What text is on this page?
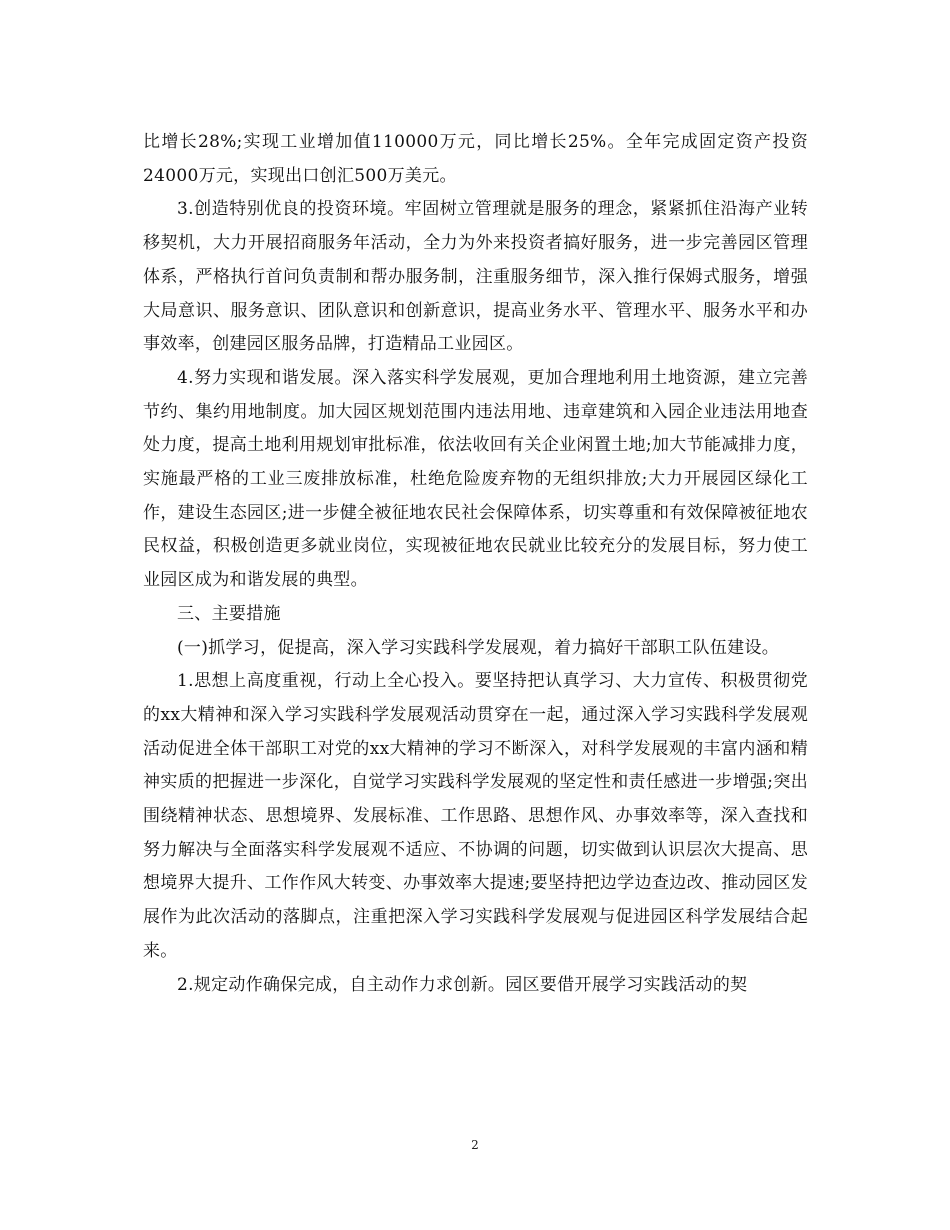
比增长28%;实现工业增加值110000万元，同比增长25%。全年完成固定资产投资24000万元，实现出口创汇500万美元。

3.创造特别优良的投资环境。牢固树立管理就是服务的理念，紧紧抓住沿海产业转移契机，大力开展招商服务年活动，全力为外来投资者搞好服务，进一步完善园区管理体系，严格执行首问负责制和帮办服务制，注重服务细节，深入推行保姆式服务，增强大局意识、服务意识、团队意识和创新意识，提高业务水平、管理水平、服务水平和办事效率，创建园区服务品牌，打造精品工业园区。

4.努力实现和谐发展。深入落实科学发展观，更加合理地利用土地资源，建立完善节约、集约用地制度。加大园区规划范围内违法用地、违章建筑和入园企业违法用地查处力度，提高土地利用规划审批标准，依法收回有关企业闲置土地;加大节能减排力度，实施最严格的工业三废排放标准，杜绝危险废弃物的无组织排放;大力开展园区绿化工作，建设生态园区;进一步健全被征地农民社会保障体系，切实尊重和有效保障被征地农民权益，积极创造更多就业岗位，实现被征地农民就业比较充分的发展目标，努力使工业园区成为和谐发展的典型。

三、主要措施

(一)抓学习，促提高，深入学习实践科学发展观，着力搞好干部职工队伍建设。

1.思想上高度重视，行动上全心投入。要坚持把认真学习、大力宣传、积极贯彻党的xx大精神和深入学习实践科学发展观活动贯穿在一起，通过深入学习实践科学发展观活动促进全体干部职工对党的xx大精神的学习不断深入，对科学发展观的丰富内涵和精神实质的把握进一步深化，自觉学习实践科学发展观的坚定性和责任感进一步增强;突出围绕精神状态、思想境界、发展标准、工作思路、思想作风、办事效率等，深入查找和努力解决与全面落实科学发展观不适应、不协调的问题，切实做到认识层次大提高、思想境界大提升、工作作风大转变、办事效率大提速;要坚持把边学边查边改、推动园区发展作为此次活动的落脚点，注重把深入学习实践科学发展观与促进园区科学发展结合起来。

2.规定动作确保完成，自主动作力求创新。园区要借开展学习实践活动的契

2
